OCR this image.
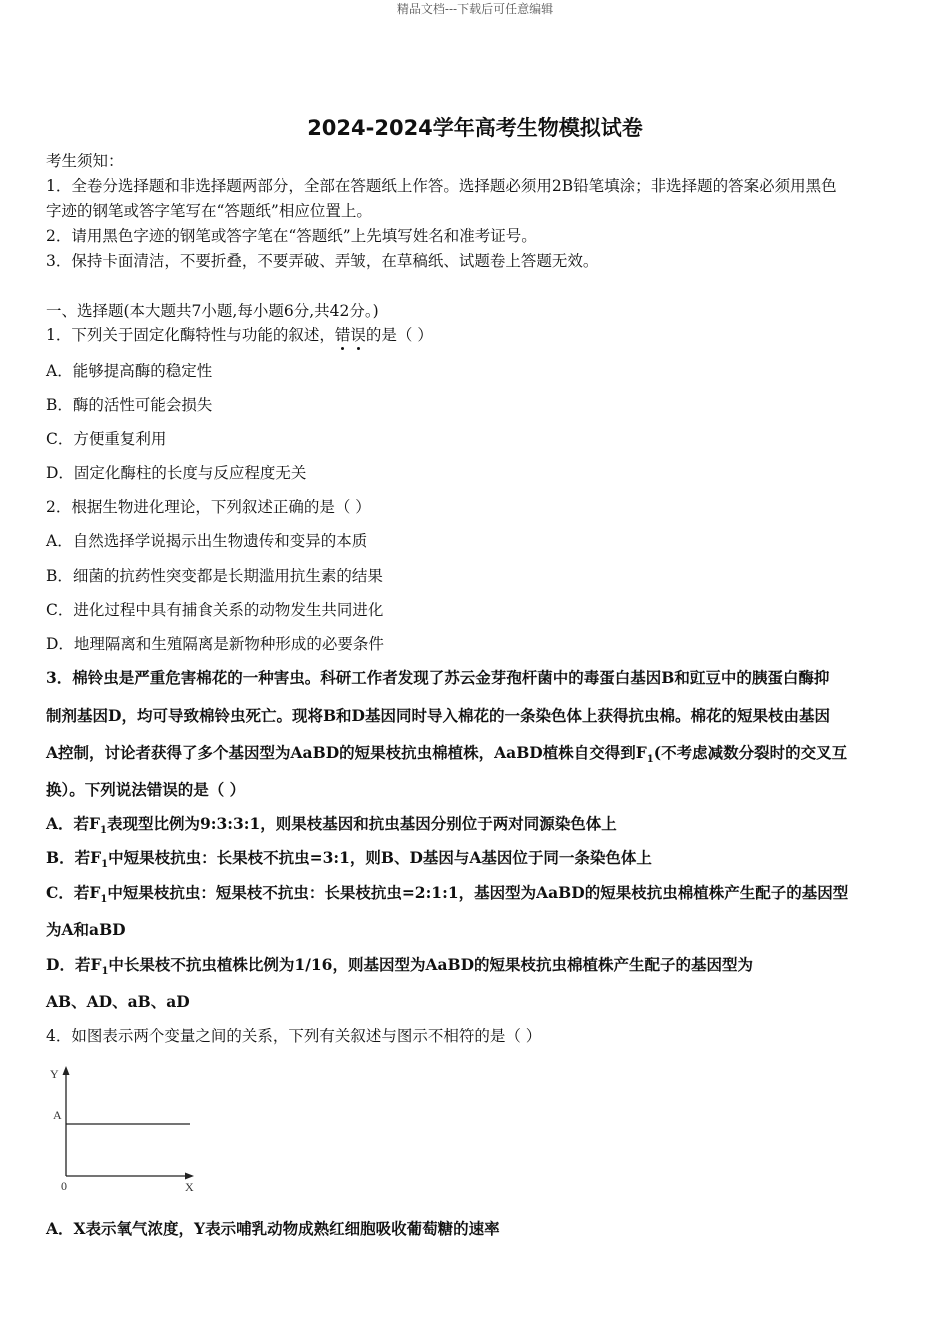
精品文档---下载后可任意编辑
2024-2024学年高考生物模拟试卷
考生须知：
1．全卷分选择题和非选择题两部分，全部在答题纸上作答。选择题必须用2B铅笔填涂；非选择题的答案必须用黑色
字迹的钢笔或答字笔写在“答题纸”相应位置上。
2．请用黑色字迹的钢笔或答字笔在“答题纸”上先填写姓名和准考证号。
3．保持卡面清洁，不要折叠，不要弄破、弄皱，在草稿纸、试题卷上答题无效。
一、选择题(本大题共7小题,每小题6分,共42分。)
1．下列关于固定化酶特性与功能的叙述，错误的是（ ）
A．能够提高酶的稳定性
B．酶的活性可能会损失
C．方便重复利用
D．固定化酶柱的长度与反应程度无关
2．根据生物进化理论，下列叙述正确的是（ ）
A．自然选择学说揭示出生物遗传和变异的本质
B．细菌的抗药性突变都是长期滥用抗生素的结果
C．进化过程中具有捕食关系的动物发生共同进化
D．地理隔离和生殖隔离是新物种形成的必要条件
3．棉铃虫是严重危害棉花的一种害虫。科研工作者发现了苏云金芽孢杆菌中的毒蛋白基因B和豇豆中的胰蛋白酶抑
制剂基因D，均可导致棉铃虫死亡。现将B和D基因同时导入棉花的一条染色体上获得抗虫棉。棉花的短果枝由基因
A控制，讨论者获得了多个基因型为AaBD的短果枝抗虫棉植株，AaBD植株自交得到$F_1$(不考虑减数分裂时的交叉互
换）。下列说法错误的是（ ）
A．若$F_1$表现型比例为9:3:3:1，则果枝基因和抗虫基因分别位于两对同源染色体上
B．若$F_1$中短果枝抗虫：长果枝不抗虫=3:1，则B、D基因与A基因位于同一条染色体上
C．若$F_1$中短果枝抗虫：短果枝不抗虫：长果枝抗虫=2:1:1，基因型为AaBD的短果枝抗虫棉植株产生配子的基因型
为A和aBD
D．若$F_1$中长果枝不抗虫植株比例为1/16，则基因型为AaBD的短果枝抗虫棉植株产生配子的基因型为
AB、AD、aB、aD
4．如图表示两个变量之间的关系，下列有关叙述与图示不相符的是（ ）
Y
A
0	X
A．X表示氧气浓度，Y表示哺乳动物成熟红细胞吸收葡萄糖的速率
